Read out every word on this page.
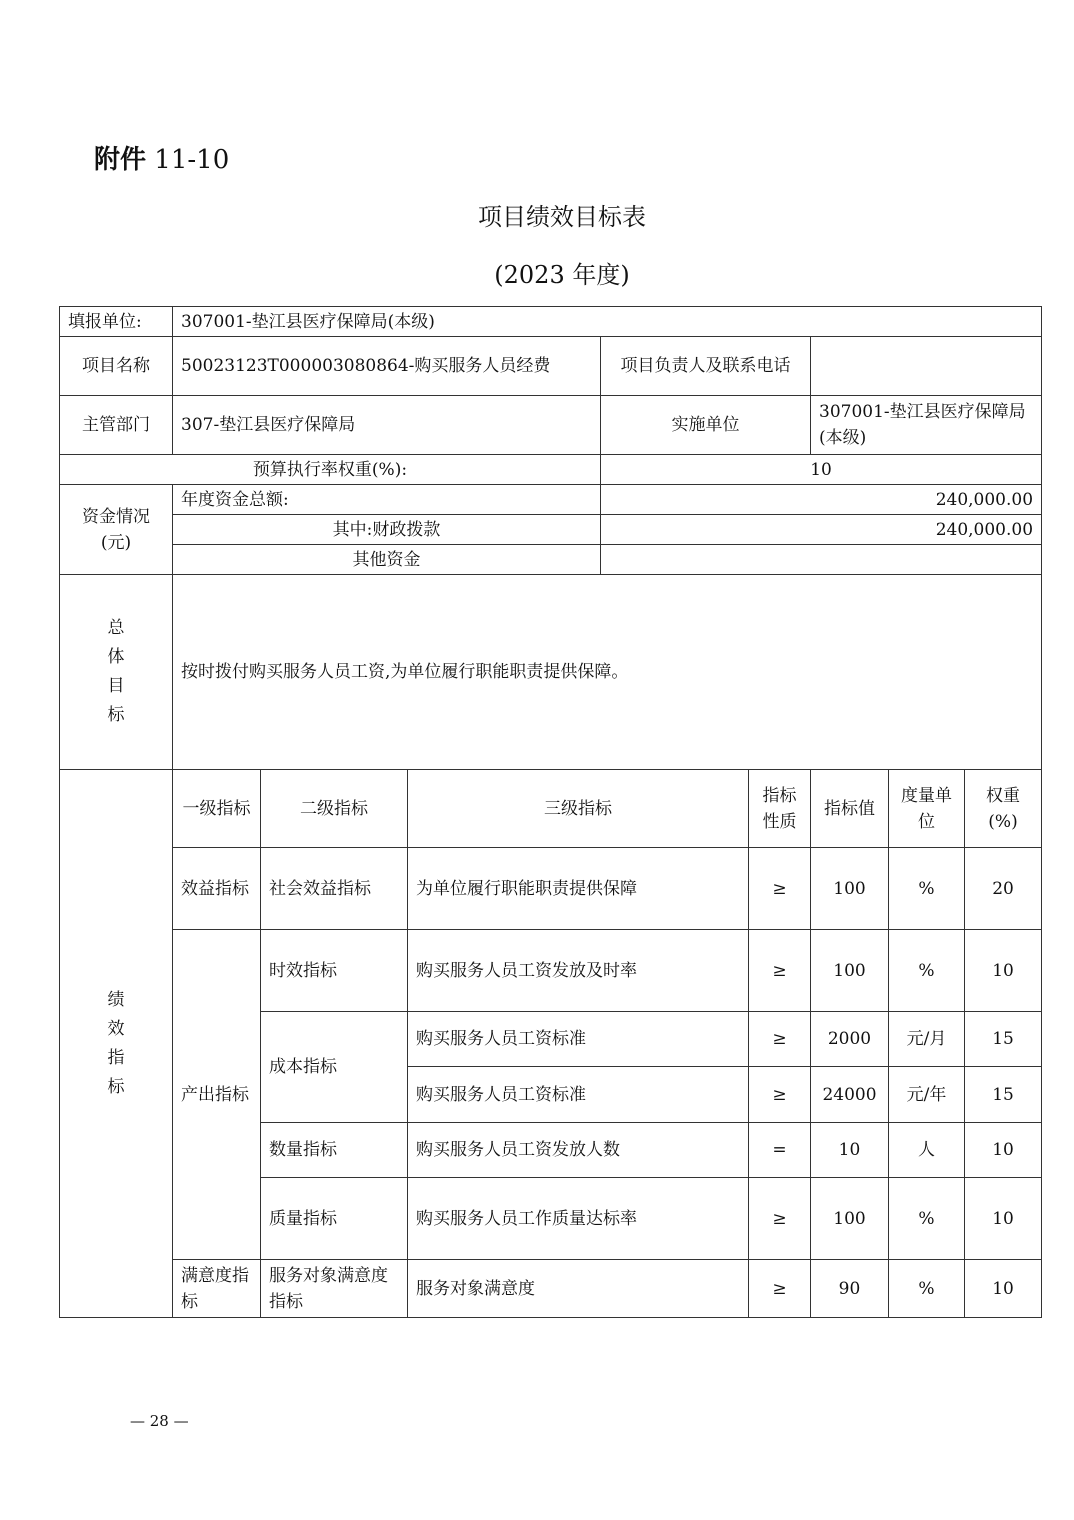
附件 11-10
项目绩效目标表
(2023 年度)
填报单位:	307001-垫江县医疗保障局(本级)							
项目名称	50023123T000003080864-购买服务人员经费			项目负责人及联系电话				
主管部门	307-垫江县医疗保障局			实施单位		307001-垫江县医疗保障局(本级)		
预算执行率权重(%):				10				
资金情况(元)	年度资金总额:			240,000.00				
	其中:财政拨款			240,000.00				
	其他资金							

总体目标	按时拨付购买服务人员工资,为单位履行职能职责提供保障。							

绩效指标	一级指标	二级指标	三级指标		指标性质	指标值	度量单位	权重(%)
	效益指标	社会效益指标	为单位履行职能职责提供保障		≥	100	%	20
	产出指标	时效指标	购买服务人员工资发放及时率		≥	100	%	10
		成本指标	购买服务人员工资标准		≥	2000	元/月	15
			购买服务人员工资标准		≥	24000	元/年	15
		数量指标	购买服务人员工资发放人数		=	10	人	10
		质量指标	购买服务人员工作质量达标率		≥	100	%	10
	满意度指标	服务对象满意度指标	服务对象满意度		≥	90	%	10
— 28 —
